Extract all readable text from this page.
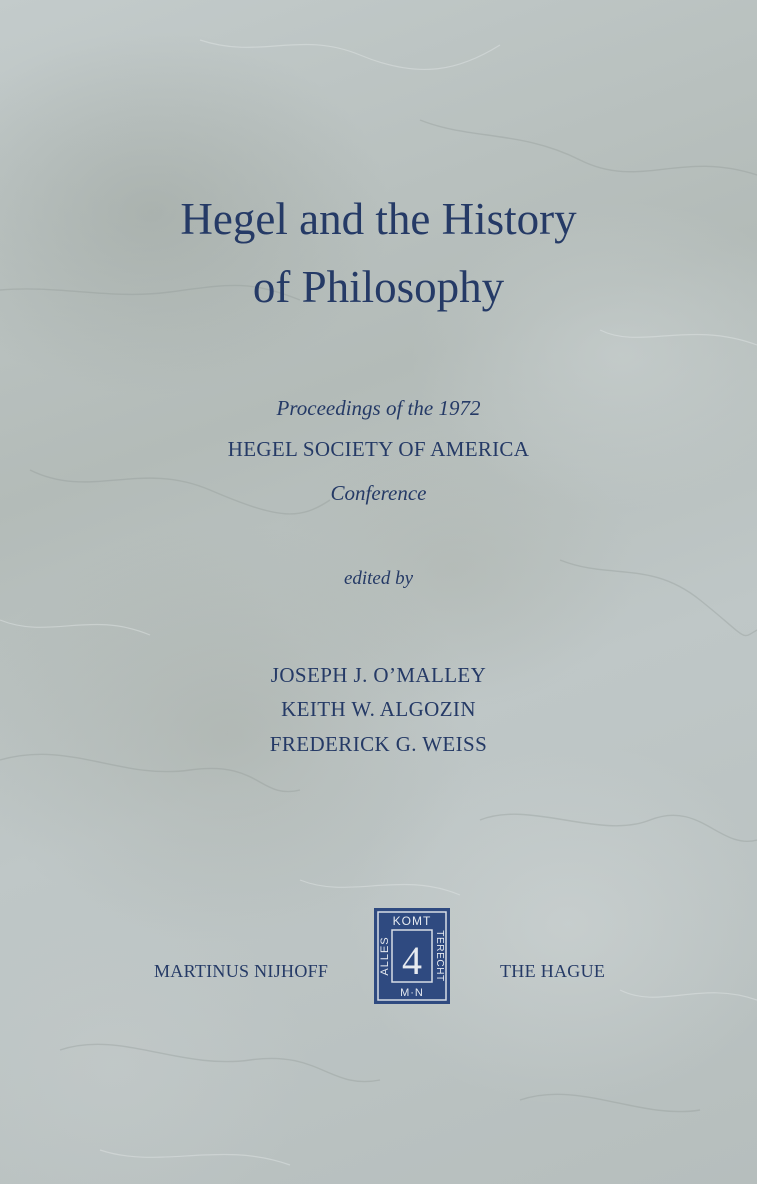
Hegel and the History
of Philosophy
Proceedings of the 1972
HEGEL SOCIETY OF AMERICA
Conference
edited by
JOSEPH J. O’MALLEY
KEITH W. ALGOZIN
FREDERICK G. WEISS
MARTINUS NIJHOFF
KOMT
ALLES	TERECHT
4
M·N
THE HAGUE
